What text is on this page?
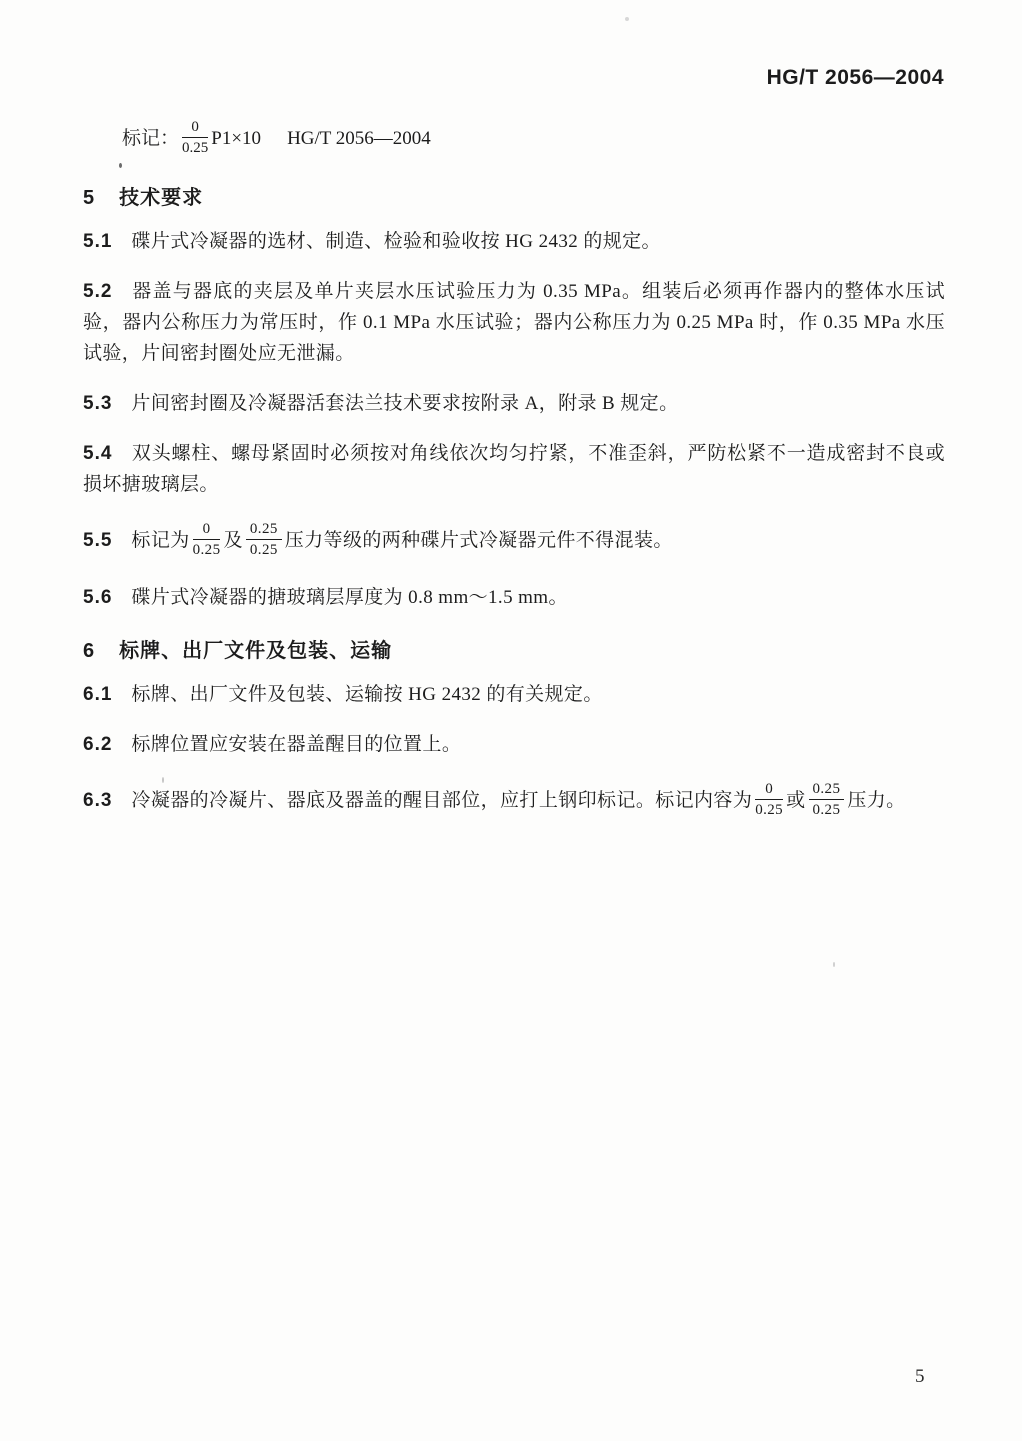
HG/T 2056—2004
标记： $\frac{0}{0.25} P1\times 10$ HG/T 2056—2004
5 技术要求

5.1 碟片式冷凝器的选材、制造、检验和验收按 HG 2432 的规定。

5.2 器盖与器底的夹层及单片夹层水压试验压力为 0.35 MPa。组装后必须再作器内的整体水压试验，器内公称压力为常压时，作 0.1 MPa 水压试验；器内公称压力为 0.25 MPa 时，作 0.35 MPa 水压试验，片间密封圈处应无泄漏。

5.3 片间密封圈及冷凝器活套法兰技术要求按附录 A，附录 B 规定。

5.4 双头螺柱、螺母紧固时必须按对角线依次均匀拧紧，不准歪斜，严防松紧不一造成密封不良或损坏搪玻璃层。

5.5 标记为 $\frac{0}{0.25}$ 及 $\frac{0.25}{0.25}$ 压力等级的两种碟片式冷凝器元件不得混装。

5.6 碟片式冷凝器的搪玻璃层厚度为 0.8 mm～1.5 mm。

6 标牌、出厂文件及包装、运输

6.1 标牌、出厂文件及包装、运输按 HG 2432 的有关规定。

6.2 标牌位置应安装在器盖醒目的位置上。

6.3 冷凝器的冷凝片、器底及器盖的醒目部位，应打上钢印标记。标记内容为 $\frac{0}{0.25}$ 或 $\frac{0.25}{0.25}$ 压力。

5
